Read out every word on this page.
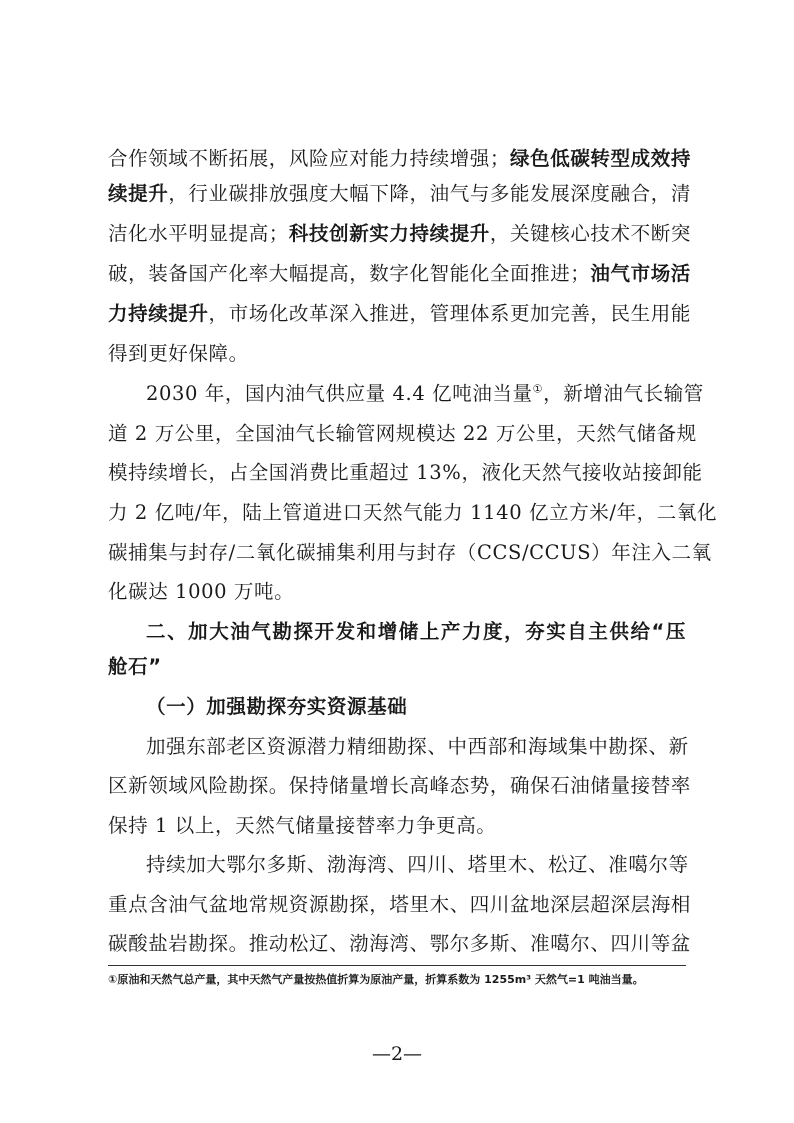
合作领域不断拓展，风险应对能力持续增强；绿色低碳转型成效持
续提升，行业碳排放强度大幅下降，油气与多能发展深度融合，清
洁化水平明显提高；科技创新实力持续提升，关键核心技术不断突
破，装备国产化率大幅提高，数字化智能化全面推进；油气市场活
力持续提升，市场化改革深入推进，管理体系更加完善，民生用能
得到更好保障。
2030 年，国内油气供应量 4.4 亿吨油当量①，新增油气长输管
道 2 万公里，全国油气长输管网规模达 22 万公里，天然气储备规
模持续增长，占全国消费比重超过 13%，液化天然气接收站接卸能
力 2 亿吨/年，陆上管道进口天然气能力 1140 亿立方米/年，二氧化
碳捕集与封存/二氧化碳捕集利用与封存（CCS/CCUS）年注入二氧
化碳达 1000 万吨。
二、加大油气勘探开发和增储上产力度，夯实自主供给“压
舱石”
（一）加强勘探夯实资源基础
加强东部老区资源潜力精细勘探、中西部和海域集中勘探、新
区新领域风险勘探。保持储量增长高峰态势，确保石油储量接替率
保持 1 以上，天然气储量接替率力争更高。
持续加大鄂尔多斯、渤海湾、四川、塔里木、松辽、准噶尔等
重点含油气盆地常规资源勘探，塔里木、四川盆地深层超深层海相
碳酸盐岩勘探。推动松辽、渤海湾、鄂尔多斯、准噶尔、四川等盆
①原油和天然气总产量，其中天然气产量按热值折算为原油产量，折算系数为 1255m³ 天然气=1 吨油当量。
—2—
